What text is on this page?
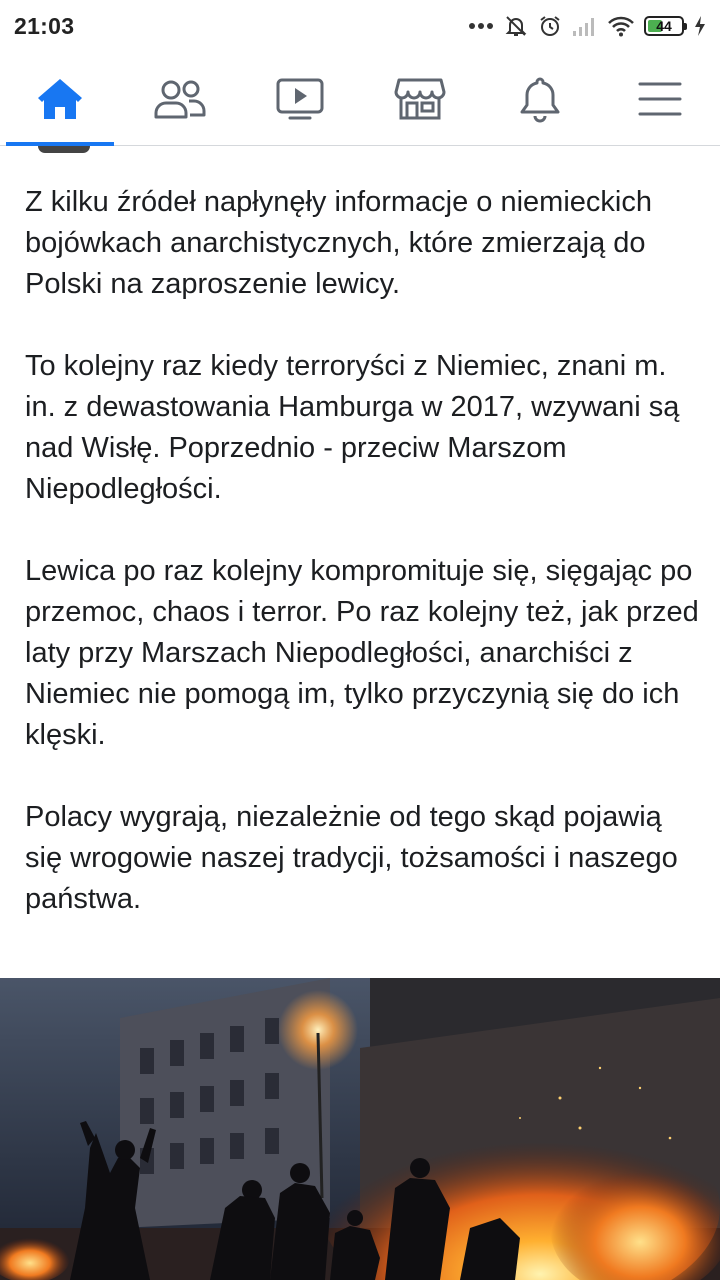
21:03	44

Z kilku źródeł napłynęły informacje o niemieckich bojówkach anarchistycznych, które zmierzają do Polski na zaproszenie lewicy.

To kolejny raz kiedy terroryści z Niemiec, znani m. in. z dewastowania Hamburga w 2017, wzywani są nad Wisłę. Poprzednio - przeciw Marszom Niepodległości.

Lewica po raz kolejny kompromituje się, sięgając po przemoc, chaos i terror. Po raz kolejny też, jak przed laty przy Marszach Niepodległości, anarchiści z Niemiec nie pomogą im, tylko przyczynią się do ich klęski.

Polacy wygrają, niezależnie od tego skąd pojawią się wrogowie naszej tradycji, tożsamości i naszego państwa.
